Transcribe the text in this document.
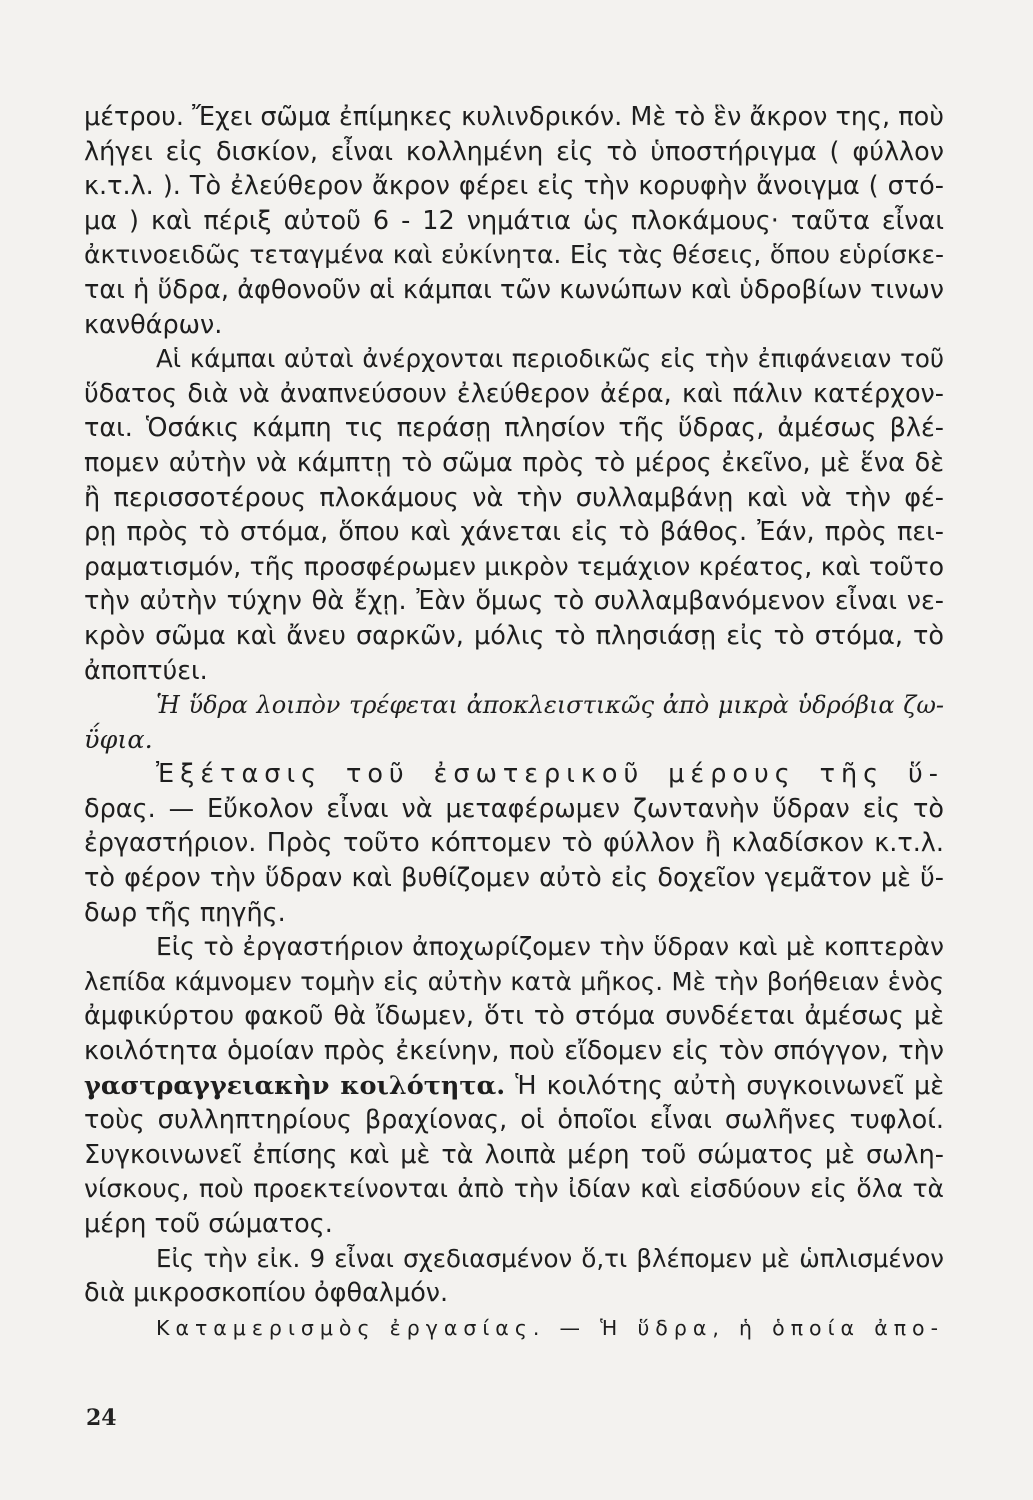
μέτρου. Ἔχει σῶμα ἐπίμηκες κυλινδρικόν. Μὲ τὸ ἓν ἄκρον της, ποὺ
λήγει εἰς δισκίον, εἶναι κολλημένη εἰς τὸ ὑποστήριγμα ( φύλλον
κ.τ.λ. ). Τὸ ἐλεύθερον ἄκρον φέρει εἰς τὴν κορυφὴν ἄνοιγμα ( στό-
μα ) καὶ πέριξ αὐτοῦ 6 - 12 νημάτια ὡς πλοκάμους· ταῦτα εἶναι
ἀκτινοειδῶς τεταγμένα καὶ εὐκίνητα. Εἰς τὰς θέσεις, ὅπου εὑρίσκε-
ται ἡ ὕδρα, ἀφθονοῦν αἱ κάμπαι τῶν κωνώπων καὶ ὑδροβίων τινων
κανθάρων.
Αἱ κάμπαι αὐταὶ ἀνέρχονται περιοδικῶς εἰς τὴν ἐπιφάνειαν τοῦ
ὕδατος διὰ νὰ ἀναπνεύσουν ἐλεύθερον ἀέρα, καὶ πάλιν κατέρχον-
ται. Ὁσάκις κάμπη τις περάσῃ πλησίον τῆς ὕδρας, ἀμέσως βλέ-
πομεν αὐτὴν νὰ κάμπτῃ τὸ σῶμα πρὸς τὸ μέρος ἐκεῖνο, μὲ ἕνα δὲ
ἢ περισσοτέρους πλοκάμους νὰ τὴν συλλαμβάνῃ καὶ νὰ τὴν φέ-
ρῃ πρὸς τὸ στόμα, ὅπου καὶ χάνεται εἰς τὸ βάθος. Ἐάν, πρὸς πει-
ραματισμόν, τῆς προσφέρωμεν μικρὸν τεμάχιον κρέατος, καὶ τοῦτο
τὴν αὐτὴν τύχην θὰ ἔχῃ. Ἐὰν ὅμως τὸ συλλαμβανόμενον εἶναι νε-
κρὸν σῶμα καὶ ἄνευ σαρκῶν, μόλις τὸ πλησιάσῃ εἰς τὸ στόμα, τὸ
ἀποπτύει.
Ἡ ὕδρα λοιπὸν τρέφεται ἀποκλειστικῶς ἀπὸ μικρὰ ὑδρόβια ζω-
ΰφια.
Ἐξέτασις τοῦ ἐσωτερικοῦ μέρους τῆς ὕ-
δρας. — Εὔκολον εἶναι νὰ μεταφέρωμεν ζωντανὴν ὕδραν εἰς τὸ
ἐργαστήριον. Πρὸς τοῦτο κόπτομεν τὸ φύλλον ἢ κλαδίσκον κ.τ.λ.
τὸ φέρον τὴν ὕδραν καὶ βυθίζομεν αὐτὸ εἰς δοχεῖον γεμᾶτον μὲ ὕ-
δωρ τῆς πηγῆς.
Εἰς τὸ ἐργαστήριον ἀποχωρίζομεν τὴν ὕδραν καὶ μὲ κοπτερὰν
λεπίδα κάμνομεν τομὴν εἰς αὐτὴν κατὰ μῆκος. Μὲ τὴν βοήθειαν ἑνὸς
ἀμφικύρτου φακοῦ θὰ ἴδωμεν, ὅτι τὸ στόμα συνδέεται ἀμέσως μὲ
κοιλότητα ὁμοίαν πρὸς ἐκείνην, ποὺ εἴδομεν εἰς τὸν σπόγγον, τὴν
γαστραγγειακὴν κοιλότητα. Ἡ κοιλότης αὐτὴ συγκοινωνεῖ μὲ
τοὺς συλληπτηρίους βραχίονας, οἱ ὁποῖοι εἶναι σωλῆνες τυφλοί.
Συγκοινωνεῖ ἐπίσης καὶ μὲ τὰ λοιπὰ μέρη τοῦ σώματος μὲ σωλη-
νίσκους, ποὺ προεκτείνονται ἀπὸ τὴν ἰδίαν καὶ εἰσδύουν εἰς ὅλα τὰ
μέρη τοῦ σώματος.
Εἰς τὴν εἰκ. 9 εἶναι σχεδιασμένον ὅ,τι βλέπομεν μὲ ὡπλισμένον
διὰ μικροσκοπίου ὀφθαλμόν.
Καταμερισμὸς ἐργασίας. — Ἡ ὕδρα, ἡ ὁποία ἀπο-
24
